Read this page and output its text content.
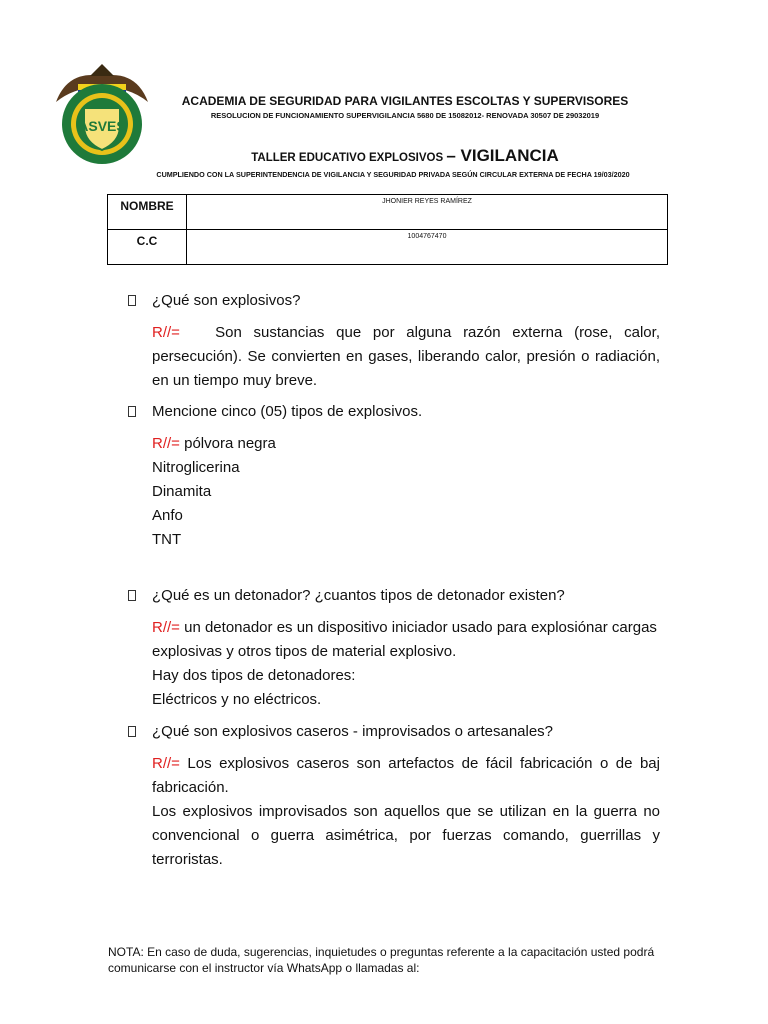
ASVES
COLOMBIA
ACADEMIA DE SEGURIDAD PARA VIGILANTES ESCOLTAS Y SUPERVISORES
RESOLUCION DE FUNCIONAMIENTO SUPERVIGILANCIA 5680 DE 15082012- RENOVADA 30507 DE 29032019
TALLER EDUCATIVO EXPLOSIVOS – VIGILANCIA
CUMPLIENDO CON LA SUPERINTENDENCIA DE VIGILANCIA Y SEGURIDAD PRIVADA SEGÚN CIRCULAR EXTERNA DE FECHA 19/03/2020
NOMBRE	JHONIER REYES RAMÍREZ
C.C	1004767470

¿Qué son explosivos?

R//= Son sustancias que por alguna razón externa (rose, calor, persecución). Se convierten en gases, liberando calor, presión o radiación, en un tiempo muy breve.

Mencione cinco (05) tipos de explosivos.

R//= pólvora negra
Nitroglicerina
Dinamita
Anfo
TNT

¿Qué es un detonador? ¿cuantos tipos de detonador existen?

R//= un detonador es un dispositivo iniciador usado para explosiónar cargas explosivas y otros tipos de material explosivo.
Hay dos tipos de detonadores:
Eléctricos y no eléctricos.

¿Qué son explosivos caseros - improvisados o artesanales?

R//= Los explosivos caseros son artefactos de fácil fabricación o de baj fabricación.
Los explosivos improvisados son aquellos que se utilizan en la guerra no convencional o guerra asimétrica, por fuerzas comando, guerrillas y terroristas.
NOTA: En caso de duda, sugerencias, inquietudes o preguntas referente a la capacitación usted podrá comunicarse con el instructor vía WhatsApp o llamadas al:
